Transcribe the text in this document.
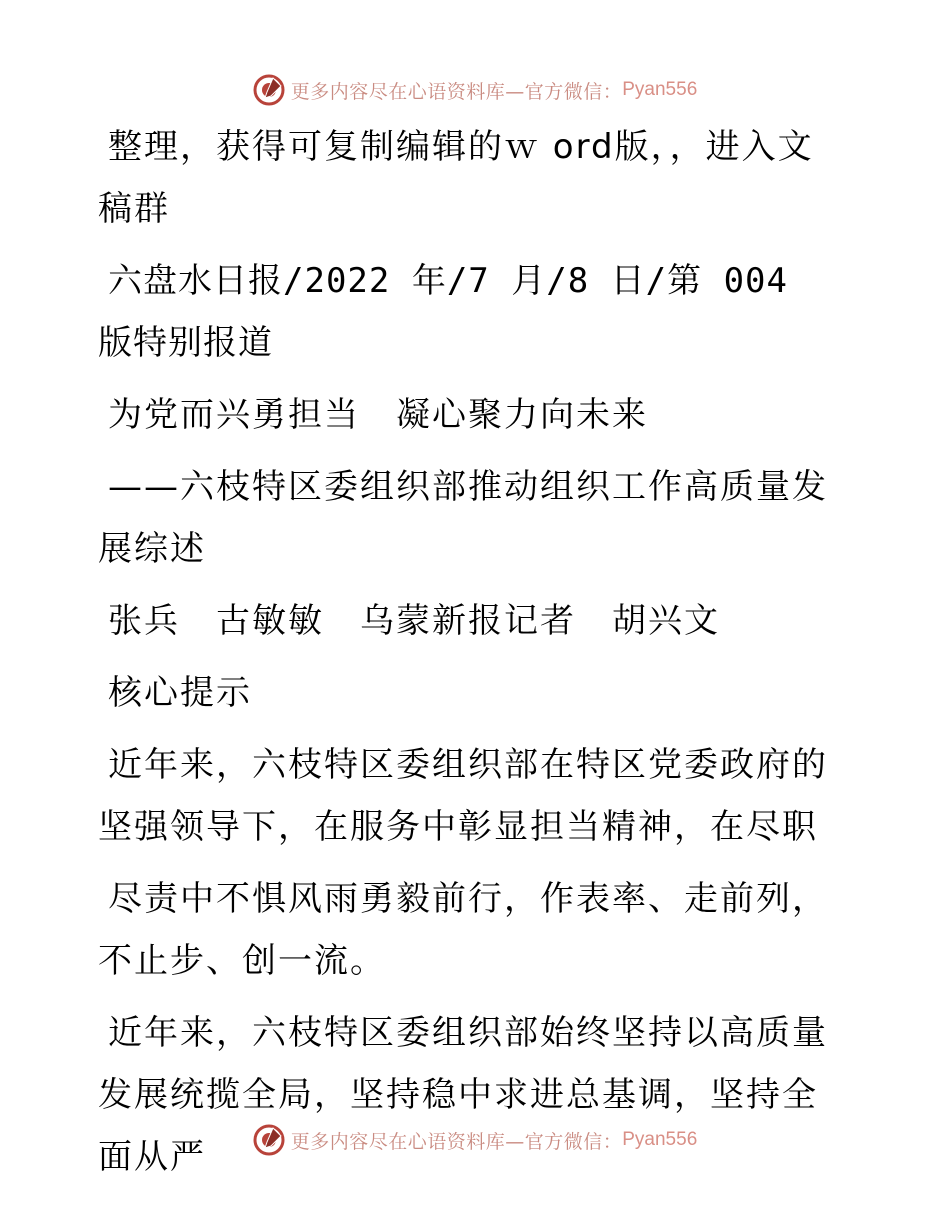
更多内容尽在心语资料库—官方微信： Pyan556

整理，获得可复制编辑的ｗ ord版，，进入文稿群

六盘水日报/2022 年/7 月/8 日/第 004 版特别报道

为党而兴勇担当　凝心聚力向未来

——六枝特区委组织部推动组织工作高质量发展综述

张兵　古敏敏　乌蒙新报记者　胡兴文

核心提示

近年来，六枝特区委组织部在特区党委政府的坚强领导下，在服务中彰显担当精神，在尽职

尽责中不惧风雨勇毅前行，作表率、走前列，不止步、创一流。

近年来，六枝特区委组织部始终坚持以高质量发展统揽全局，坚持稳中求进总基调，坚持全面从严	更多内容尽在心语资料库—官方微信： Pyan556
